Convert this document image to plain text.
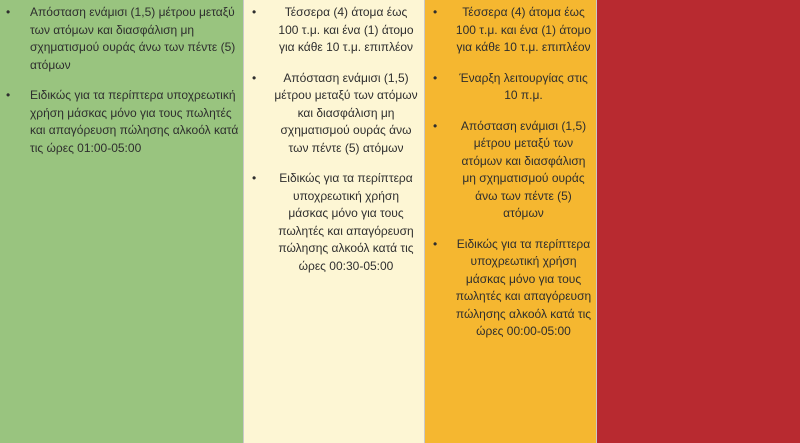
• Απόσταση ενάμισι (1,5) μέτρου μεταξύ των ατόμων και διασφάλιση μη σχηματισμού ουράς άνω των πέντε (5) ατόμων
• Ειδικώς για τα περίπτερα υποχρεωτική χρήση μάσκας μόνο για τους πωλητές και απαγόρευση πώλησης αλκοόλ κατά τις ώρες 01:00-05:00
•	Τέσσερα (4) άτομα έως 100 τ.μ. και ένα (1) άτομο για κάθε 10 τ.μ. επιπλέον
•	Απόσταση ενάμισι (1,5) μέτρου μεταξύ των ατόμων και διασφάλιση μη σχηματισμού ουράς άνω των πέντε (5) ατόμων
•	Ειδικώς για τα περίπτερα υποχρεωτική χρήση μάσκας μόνο για τους πωλητές και απαγόρευση πώλησης αλκοόλ κατά τις ώρες 00:30-05:00
•	Τέσσερα (4) άτομα έως 100 τ.μ. και ένα (1) άτομο για κάθε 10 τ.μ. επιπλέον
•	Έναρξη λειτουργίας στις 10 π.μ.
•	Απόσταση ενάμισι (1,5) μέτρου μεταξύ των ατόμων και διασφάλιση μη σχηματισμού ουράς άνω των πέντε (5) ατόμων
• Ειδικώς για τα περίπτερα υποχρεωτική χρήση μάσκας μόνο για τους πωλητές και απαγόρευση πώλησης αλκοόλ κατά τις ώρες 00:00-05:00
